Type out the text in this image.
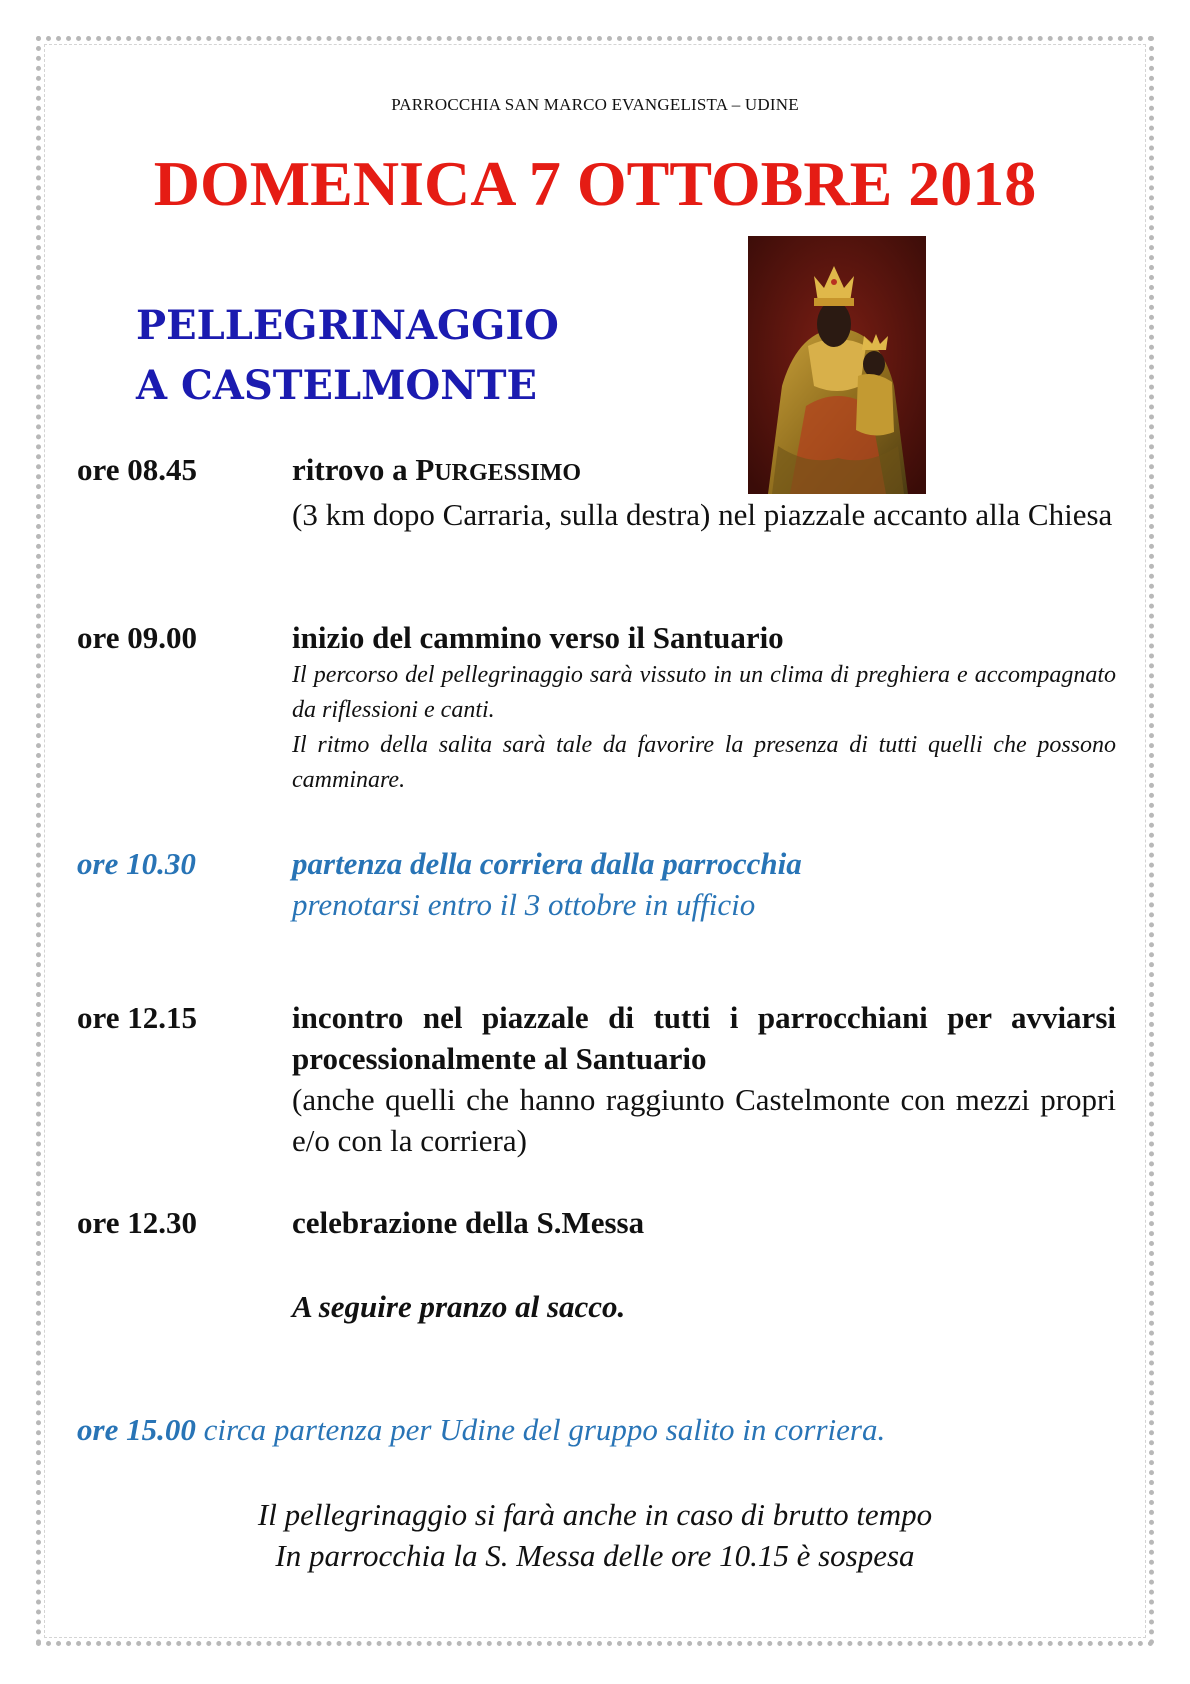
PARROCCHIA SAN MARCO EVANGELISTA – UDINE
DOMENICA 7 OTTOBRE 2018
PELLEGRINAGGIO
A CASTELMONTE
ore 08.45	ritrovo a PURGESSIMO
(3 km dopo Carraria, sulla destra) nel piazzale accanto alla Chiesa
ore 09.00	inizio del cammino verso il Santuario
Il percorso del pellegrinaggio sarà vissuto in un clima di preghiera e accompagnato da riflessioni e canti.
Il ritmo della salita sarà tale da favorire la presenza di tutti quelli che possono camminare.
ore 10.30	partenza della corriera dalla parrocchia
prenotarsi entro il 3 ottobre in ufficio
ore 12.15	incontro nel piazzale di tutti i parrocchiani per avviarsi processionalmente al Santuario
(anche quelli che hanno raggiunto Castelmonte con mezzi propri e/o con la corriera)
ore 12.30	celebrazione della S.Messa
A seguire pranzo al sacco.
ore 15.00 circa partenza per Udine del gruppo salito in corriera.
Il pellegrinaggio si farà anche in caso di brutto tempo
In parrocchia la S. Messa delle ore 10.15 è sospesa
